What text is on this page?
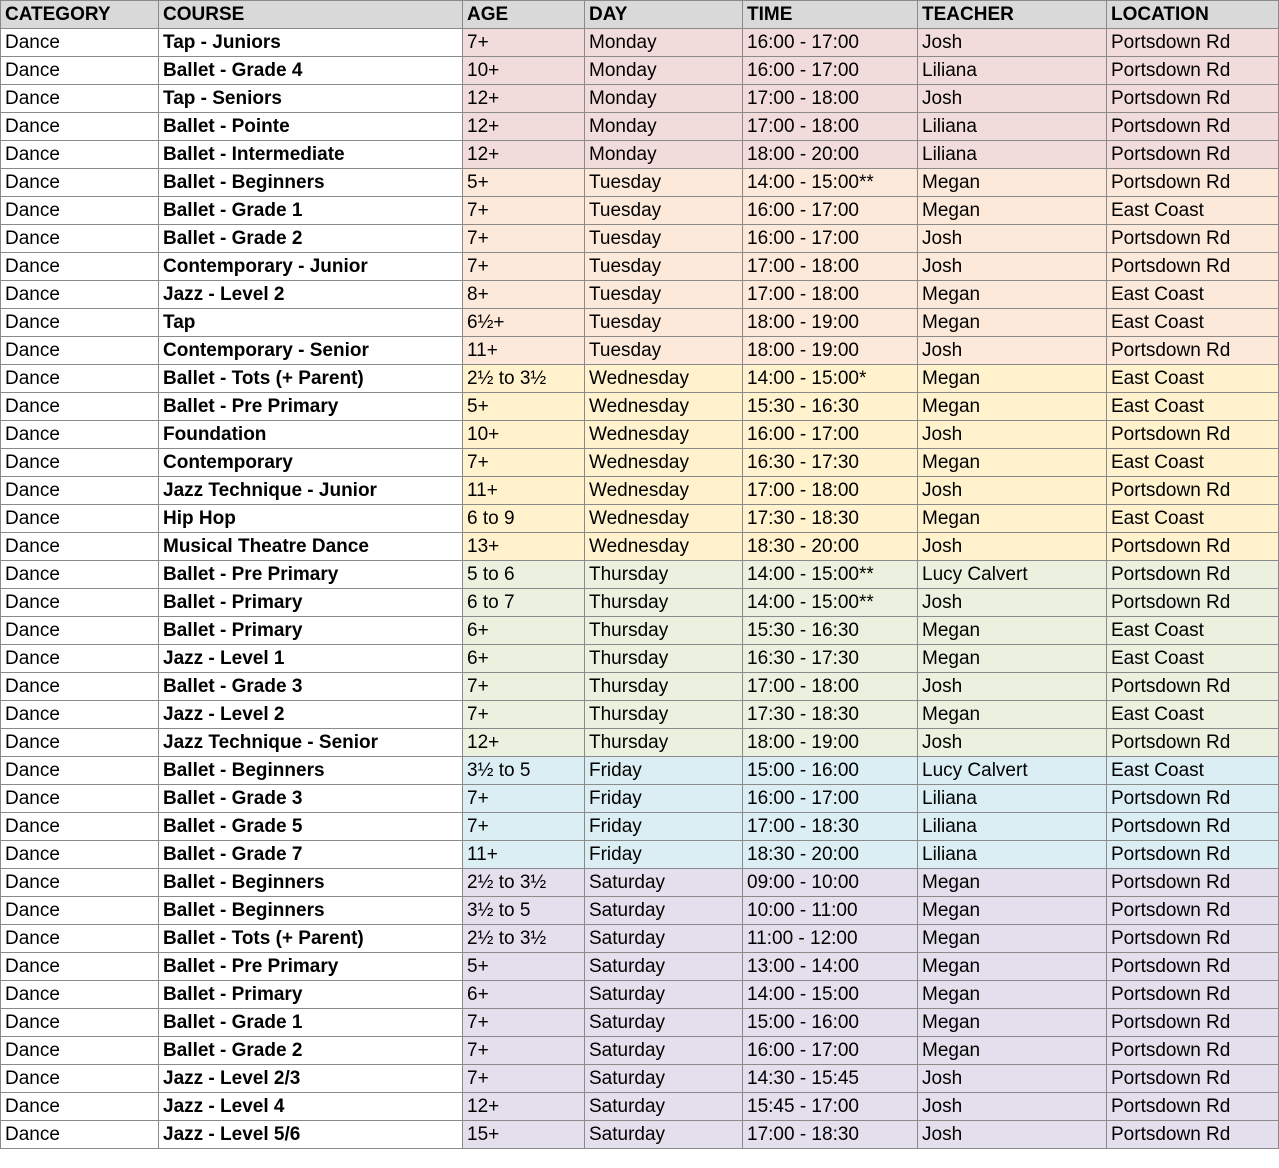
CATEGORY	COURSE	AGE	DAY	TIME	TEACHER	LOCATION
Dance	Tap - Juniors	7+	Monday	16:00 - 17:00	Josh	Portsdown Rd
Dance	Ballet - Grade 4	10+	Monday	16:00 - 17:00	Liliana	Portsdown Rd
Dance	Tap - Seniors	12+	Monday	17:00 - 18:00	Josh	Portsdown Rd
Dance	Ballet - Pointe	12+	Monday	17:00 - 18:00	Liliana	Portsdown Rd
Dance	Ballet - Intermediate	12+	Monday	18:00 - 20:00	Liliana	Portsdown Rd
Dance	Ballet - Beginners	5+	Tuesday	14:00 - 15:00**	Megan	Portsdown Rd
Dance	Ballet - Grade 1	7+	Tuesday	16:00 - 17:00	Megan	East Coast
Dance	Ballet - Grade 2	7+	Tuesday	16:00 - 17:00	Josh	Portsdown Rd
Dance	Contemporary - Junior	7+	Tuesday	17:00 - 18:00	Josh	Portsdown Rd
Dance	Jazz - Level 2	8+	Tuesday	17:00 - 18:00	Megan	East Coast
Dance	Tap	6½+	Tuesday	18:00 - 19:00	Megan	East Coast
Dance	Contemporary - Senior	11+	Tuesday	18:00 - 19:00	Josh	Portsdown Rd
Dance	Ballet - Tots (+ Parent)	2½ to 3½	Wednesday	14:00 - 15:00*	Megan	East Coast
Dance	Ballet - Pre Primary	5+	Wednesday	15:30 - 16:30	Megan	East Coast
Dance	Foundation	10+	Wednesday	16:00 - 17:00	Josh	Portsdown Rd
Dance	Contemporary	7+	Wednesday	16:30 - 17:30	Megan	East Coast
Dance	Jazz Technique - Junior	11+	Wednesday	17:00 - 18:00	Josh	Portsdown Rd
Dance	Hip Hop	6 to 9	Wednesday	17:30 - 18:30	Megan	East Coast
Dance	Musical Theatre Dance	13+	Wednesday	18:30 - 20:00	Josh	Portsdown Rd
Dance	Ballet - Pre Primary	5 to 6	Thursday	14:00 - 15:00**	Lucy Calvert	Portsdown Rd
Dance	Ballet - Primary	6 to 7	Thursday	14:00 - 15:00**	Josh	Portsdown Rd
Dance	Ballet - Primary	6+	Thursday	15:30 - 16:30	Megan	East Coast
Dance	Jazz - Level 1	6+	Thursday	16:30 - 17:30	Megan	East Coast
Dance	Ballet - Grade 3	7+	Thursday	17:00 - 18:00	Josh	Portsdown Rd
Dance	Jazz - Level 2	7+	Thursday	17:30 - 18:30	Megan	East Coast
Dance	Jazz Technique - Senior	12+	Thursday	18:00 - 19:00	Josh	Portsdown Rd
Dance	Ballet - Beginners	3½ to 5	Friday	15:00 - 16:00	Lucy Calvert	East Coast
Dance	Ballet - Grade 3	7+	Friday	16:00 - 17:00	Liliana	Portsdown Rd
Dance	Ballet - Grade 5	7+	Friday	17:00 - 18:30	Liliana	Portsdown Rd
Dance	Ballet - Grade 7	11+	Friday	18:30 - 20:00	Liliana	Portsdown Rd
Dance	Ballet - Beginners	2½ to 3½	Saturday	09:00 - 10:00	Megan	Portsdown Rd
Dance	Ballet - Beginners	3½ to 5	Saturday	10:00 - 11:00	Megan	Portsdown Rd
Dance	Ballet - Tots (+ Parent)	2½ to 3½	Saturday	11:00 - 12:00	Megan	Portsdown Rd
Dance	Ballet - Pre Primary	5+	Saturday	13:00 - 14:00	Megan	Portsdown Rd
Dance	Ballet - Primary	6+	Saturday	14:00 - 15:00	Megan	Portsdown Rd
Dance	Ballet - Grade 1	7+	Saturday	15:00 - 16:00	Megan	Portsdown Rd
Dance	Ballet - Grade 2	7+	Saturday	16:00 - 17:00	Megan	Portsdown Rd
Dance	Jazz - Level 2/3	7+	Saturday	14:30 - 15:45	Josh	Portsdown Rd
Dance	Jazz - Level 4	12+	Saturday	15:45 - 17:00	Josh	Portsdown Rd
Dance	Jazz - Level 5/6	15+	Saturday	17:00 - 18:30	Josh	Portsdown Rd
